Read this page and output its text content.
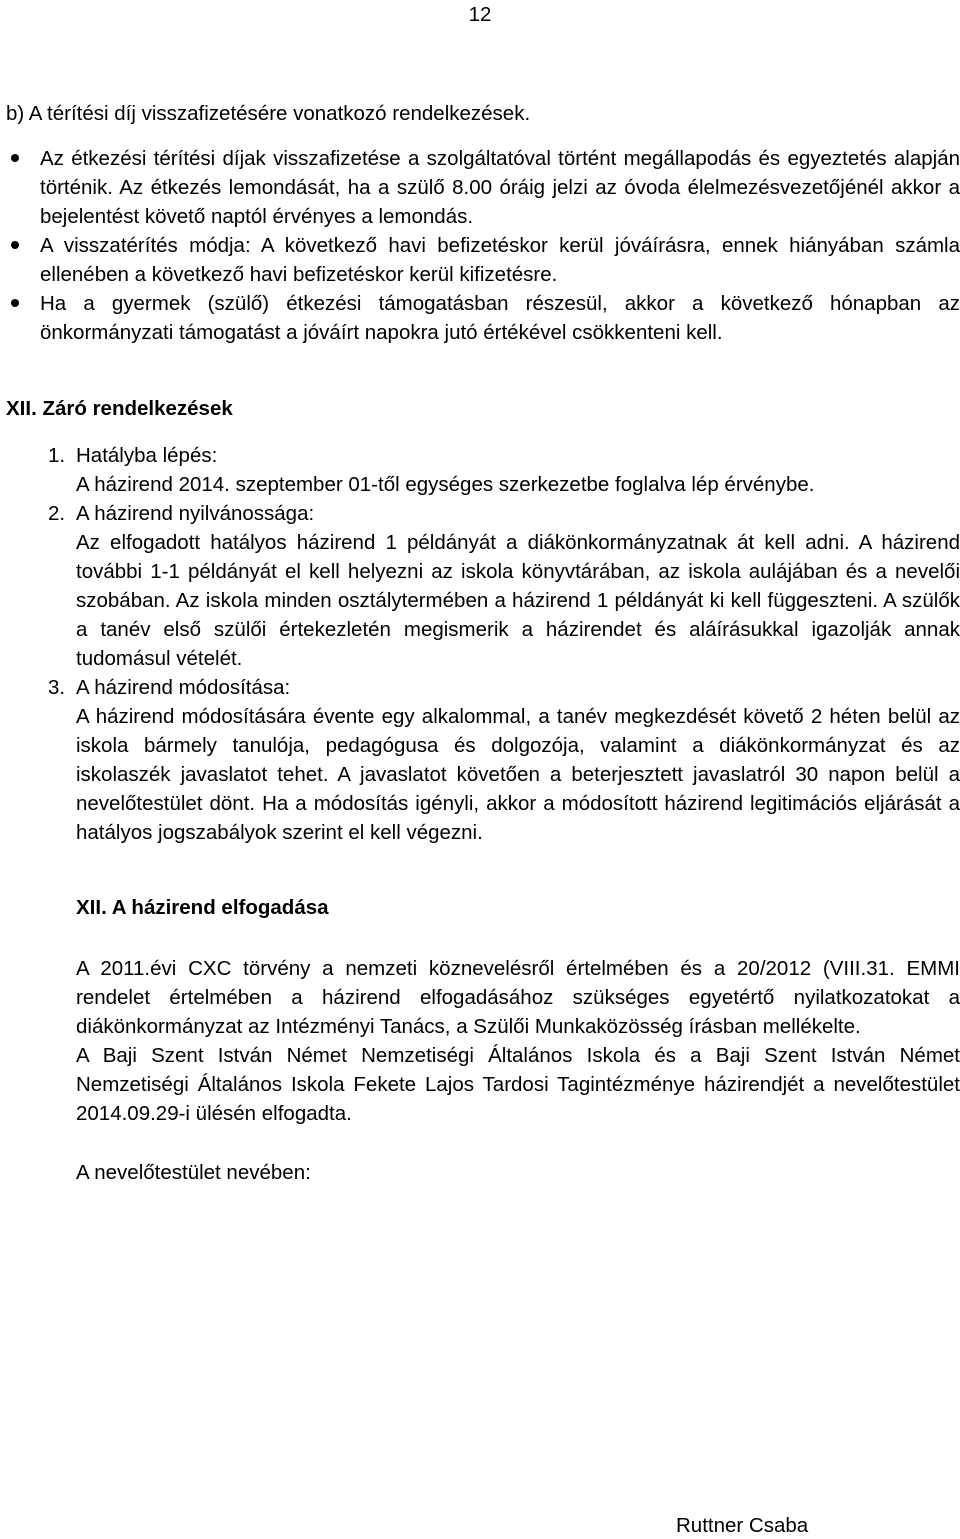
12

b) A térítési díj visszafizetésére vonatkozó rendelkezések.

Az étkezési térítési díjak visszafizetése a szolgáltatóval történt megállapodás és egyeztetés alapján történik. Az étkezés lemondását, ha a szülő 8.00 óráig jelzi az óvoda élelmezésvezetőjénél akkor a bejelentést követő naptól érvényes a lemondás.
A visszatérítés módja: A következő havi befizetéskor kerül jóváírásra, ennek hiányában számla ellenében a következő havi befizetéskor kerül kifizetésre.
Ha a gyermek (szülő) étkezési támogatásban részesül, akkor a következő hónapban az önkormányzati támogatást a jóváírt napokra jutó értékével csökkenteni kell.

XII. Záró rendelkezések

1. Hatályba lépés:
A házirend 2014. szeptember 01-től egységes szerkezetbe foglalva lép érvénybe.
2. A házirend nyilvánossága:
Az elfogadott hatályos házirend 1 példányát a diákönkormányzatnak át kell adni. A házirend további 1-1 példányát el kell helyezni az iskola könyvtárában, az iskola aulájában és a nevelői szobában. Az iskola minden osztálytermében a házirend 1 példányát ki kell függeszteni. A szülők a tanév első szülői értekezletén megismerik a házirendet és aláírásukkal igazolják annak tudomásul vételét.
3. A házirend módosítása:
A házirend módosítására évente egy alkalommal, a tanév megkezdését követő 2 héten belül az iskola bármely tanulója, pedagógusa és dolgozója, valamint a diákönkormányzat és az iskolaszék javaslatot tehet. A javaslatot követően a beterjesztett javaslatról 30 napon belül a nevelőtestület dönt. Ha a módosítás igényli, akkor a módosított házirend legitimációs eljárását a hatályos jogszabályok szerint el kell végezni.

XII. A házirend elfogadása

A 2011.évi CXC törvény a nemzeti köznevelésről értelmében és a 20/2012 (VIII.31. EMMI rendelet értelmében a házirend elfogadásához szükséges egyetértő nyilatkozatokat a diákönkormányzat az Intézményi Tanács, a Szülői Munkaközösség írásban mellékelte.

A Baji Szent István Német Nemzetiségi Általános Iskola és a Baji Szent István Német Nemzetiségi Általános Iskola Fekete Lajos Tardosi Tagintézménye házirendjét a nevelőtestület 2014.09.29-i ülésén elfogadta.

A nevelőtestület nevében:

Ruttner Csaba
